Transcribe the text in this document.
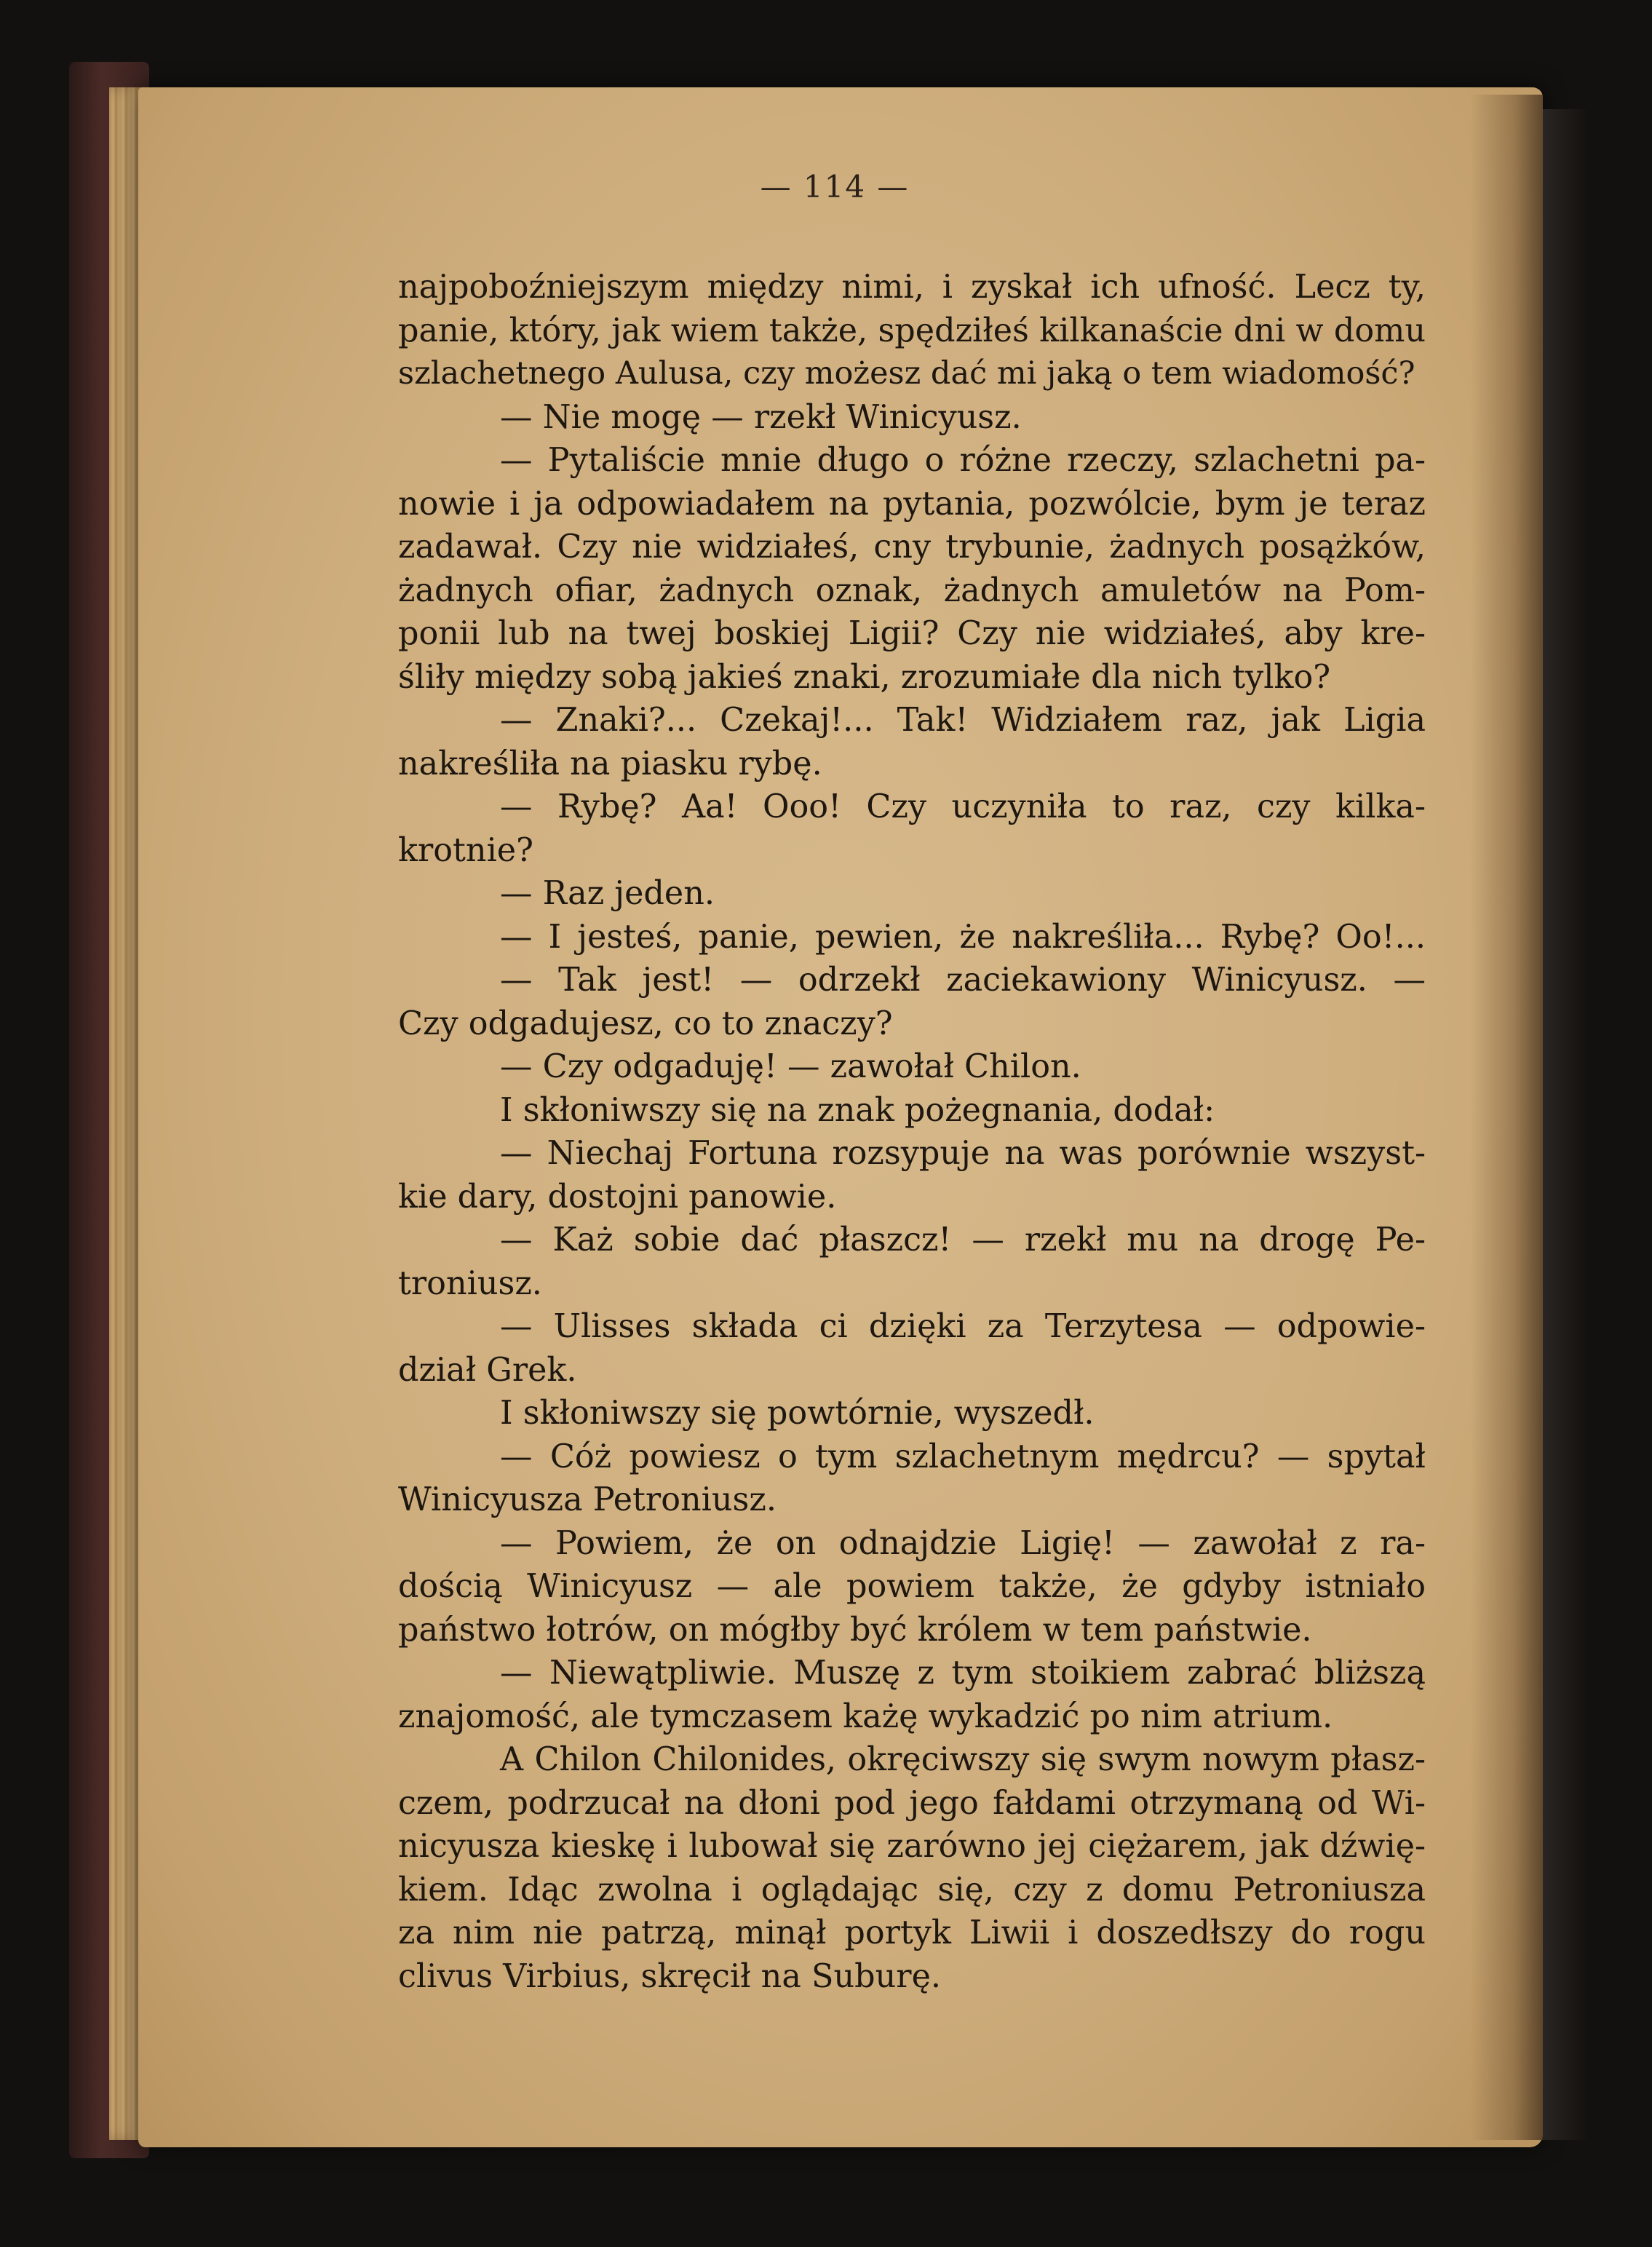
— 114 —
najpoboźniejszym między nimi, i zyskał ich ufność. Lecz ty,
panie, który, jak wiem także, spędziłeś kilkanaście dni w domu
szlachetnego Aulusa, czy możesz dać mi jaką o tem wiadomość?
— Nie mogę — rzekł Winicyusz.
— Pytaliście mnie długo o różne rzeczy, szlachetni pa-
nowie i ja odpowiadałem na pytania, pozwólcie, bym je teraz
zadawał. Czy nie widziałeś, cny trybunie, żadnych posążków,
żadnych ofiar, żadnych oznak, żadnych amuletów na Pom-
ponii lub na twej boskiej Ligii? Czy nie widziałeś, aby kre-
śliły między sobą jakieś znaki, zrozumiałe dla nich tylko?
— Znaki?... Czekaj!... Tak! Widziałem raz, jak Ligia
nakreśliła na piasku rybę.
— Rybę? Aa! Ooo! Czy uczyniła to raz, czy kilka-
krotnie?
— Raz jeden.
— I jesteś, panie, pewien, że nakreśliła... Rybę? Oo!...
— Tak jest! — odrzekł zaciekawiony Winicyusz. —
Czy odgadujesz, co to znaczy?
— Czy odgaduję! — zawołał Chilon.
I skłoniwszy się na znak pożegnania, dodał:
— Niechaj Fortuna rozsypuje na was porównie wszyst-
kie dary, dostojni panowie.
— Każ sobie dać płaszcz! — rzekł mu na drogę Pe-
troniusz.
— Ulisses składa ci dzięki za Terzytesa — odpowie-
dział Grek.
I skłoniwszy się powtórnie, wyszedł.
— Cóż powiesz o tym szlachetnym mędrcu? — spytał
Winicyusza Petroniusz.
— Powiem, że on odnajdzie Ligię! — zawołał z ra-
dością Winicyusz — ale powiem także, że gdyby istniało
państwo łotrów, on mógłby być królem w tem państwie.
— Niewątpliwie. Muszę z tym stoikiem zabrać bliższą
znajomość, ale tymczasem każę wykadzić po nim atrium.
A Chilon Chilonides, okręciwszy się swym nowym płasz-
czem, podrzucał na dłoni pod jego fałdami otrzymaną od Wi-
nicyusza kieskę i lubował się zarówno jej ciężarem, jak dźwię-
kiem. Idąc zwolna i oglądając się, czy z domu Petroniusza
za nim nie patrzą, minął portyk Liwii i doszedłszy do rogu
clivus Virbius, skręcił na Suburę.
